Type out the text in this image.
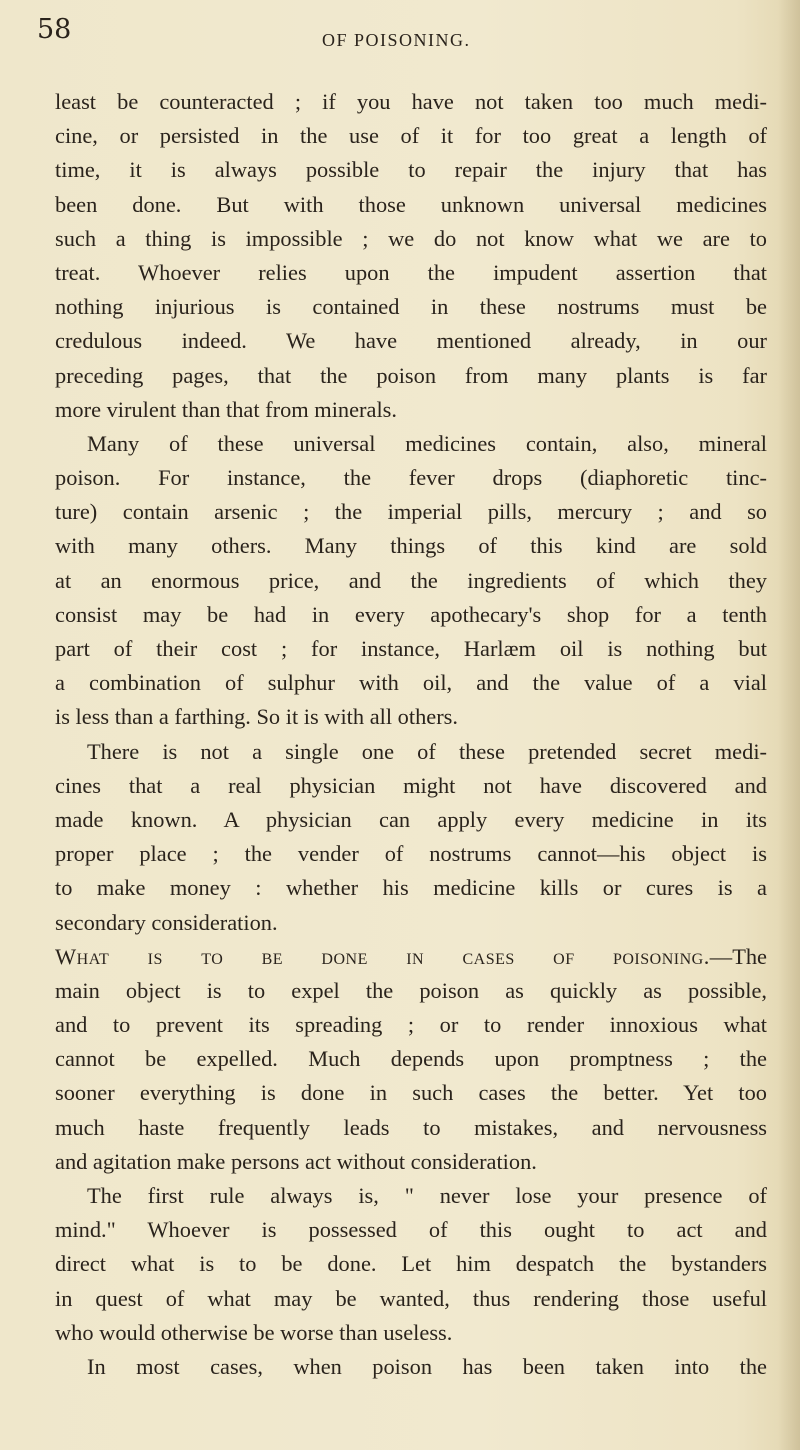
58	OF POISONING.
least be counteracted ; if you have not taken too much medi-
cine, or persisted in the use of it for too great a length of
time, it is always possible to repair the injury that has
been done. But with those unknown universal medicines
such a thing is impossible ; we do not know what we are to
treat. Whoever relies upon the impudent assertion that
nothing injurious is contained in these nostrums must be
credulous indeed. We have mentioned already, in our
preceding pages, that the poison from many plants is far
more virulent than that from minerals.
Many of these universal medicines contain, also, mineral
poison. For instance, the fever drops (diaphoretic tinc-
ture) contain arsenic ; the imperial pills, mercury ; and so
with many others. Many things of this kind are sold
at an enormous price, and the ingredients of which they
consist may be had in every apothecary's shop for a tenth
part of their cost ; for instance, Harlæm oil is nothing but
a combination of sulphur with oil, and the value of a vial
is less than a farthing. So it is with all others.
There is not a single one of these pretended secret medi-
cines that a real physician might not have discovered and
made known. A physician can apply every medicine in its
proper place ; the vender of nostrums cannot—his object is
to make money : whether his medicine kills or cures is a
secondary consideration.
What is to be done in cases of poisoning.—The
main object is to expel the poison as quickly as possible,
and to prevent its spreading ; or to render innoxious what
cannot be expelled. Much depends upon promptness ; the
sooner everything is done in such cases the better. Yet too
much haste frequently leads to mistakes, and nervousness
and agitation make persons act without consideration.
The first rule always is, " never lose your presence of
mind." Whoever is possessed of this ought to act and
direct what is to be done. Let him despatch the bystanders
in quest of what may be wanted, thus rendering those useful
who would otherwise be worse than useless.
In most cases, when poison has been taken into the
